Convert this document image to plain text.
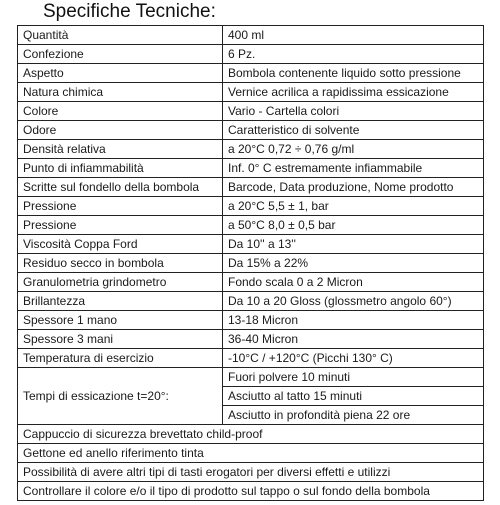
Specifiche Tecniche:
Quantità	400 ml
Confezione	6 Pz.
Aspetto	Bombola contenente liquido sotto pressione
Natura chimica	Vernice acrilica a rapidissima essicazione
Colore	Vario - Cartella colori
Odore	Caratteristico di solvente
Densità relativa	a 20°C 0,72 ÷ 0,76 g/ml
Punto di infiammabilità	Inf. 0° C estremamente infiammabile
Scritte sul fondello della bombola	Barcode, Data produzione, Nome prodotto
Pressione	a 20°C 5,5 ± 1, bar
Pressione	a 50°C 8,0 ± 0,5 bar
Viscosità Coppa Ford	Da 10'' a 13''
Residuo secco in bombola	Da 15% a 22%
Granulometria grindometro	Fondo scala 0 a 2 Micron
Brillantezza	Da 10 a 20 Gloss (glossmetro angolo 60°)
Spessore 1 mano	13-18 Micron
Spessore 3 mani	36-40 Micron
Temperatura di esercizio	-10°C / +120°C (Picchi 130° C)
Tempi di essicazione t=20°:	Fuori polvere 10 minuti
	Asciutto al tatto 15 minuti
	Asciutto in profondità piena 22 ore
Cappuccio di sicurezza brevettato child-proof	
Gettone ed anello riferimento tinta	
Possibilità di avere altri tipi di tasti erogatori per diversi effetti e utilizzi	
Controllare il colore e/o il tipo di prodotto sul tappo o sul fondo della bombola	
